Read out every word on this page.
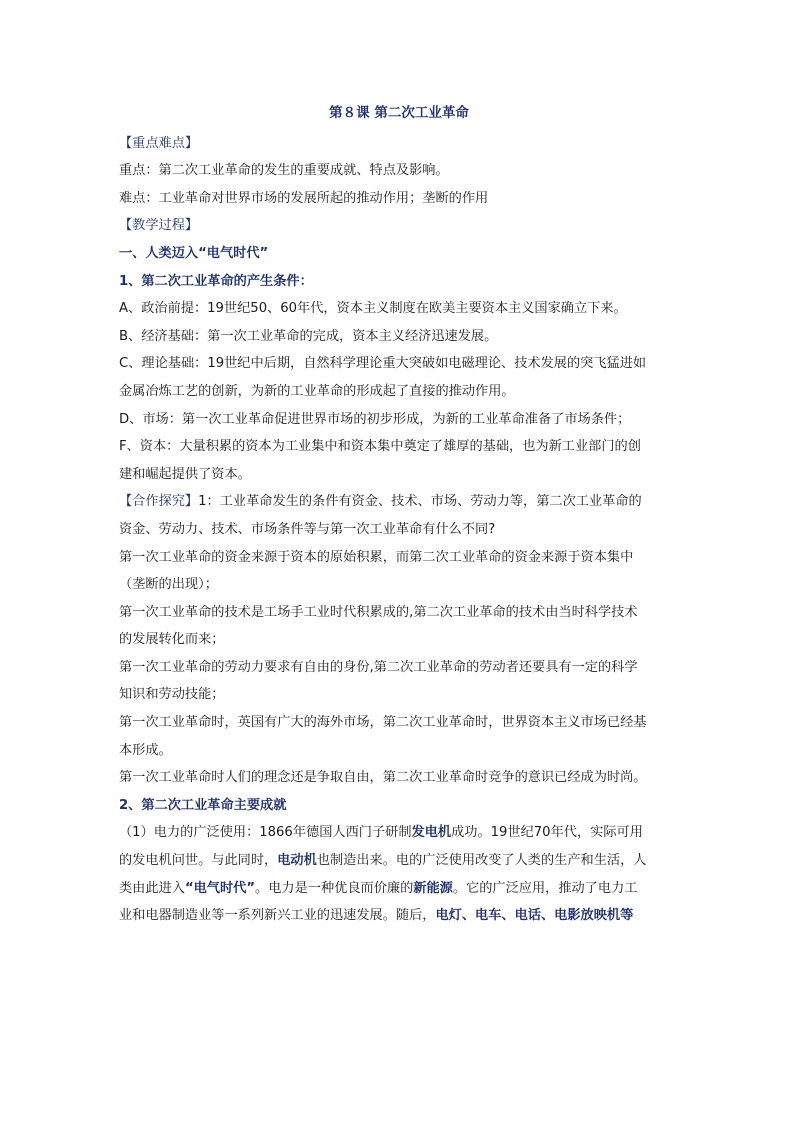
第８课 第二次工业革命

【重点难点】

重点：第二次工业革命的发生的重要成就、特点及影响。

难点：工业革命对世界市场的发展所起的推动作用；垄断的作用

【教学过程】

一、人类迈入“电气时代”

1、第二次工业革命的产生条件：

A、政治前提：19世纪50、60年代，资本主义制度在欧美主要资本主义国家确立下来。

B、经济基础：第一次工业革命的完成，资本主义经济迅速发展。

C、理论基础：19世纪中后期，自然科学理论重大突破如电磁理论、技术发展的突飞猛进如

金属冶炼工艺的创新，为新的工业革命的形成起了直接的推动作用。

D、市场：第一次工业革命促进世界市场的初步形成，为新的工业革命准备了市场条件；

F、资本：大量积累的资本为工业集中和资本集中奠定了雄厚的基础，也为新工业部门的创

建和崛起提供了资本。

【合作探究】1：工业革命发生的条件有资金、技术、市场、劳动力等，第二次工业革命的

资金、劳动力、技术、市场条件等与第一次工业革命有什么不同?

第一次工业革命的资金来源于资本的原始积累，而第二次工业革命的资金来源于资本集中

（垄断的出现）；

第一次工业革命的技术是工场手工业时代积累成的,第二次工业革命的技术由当时科学技术

的发展转化而来；

第一次工业革命的劳动力要求有自由的身份,第二次工业革命的劳动者还要具有一定的科学

知识和劳动技能；

第一次工业革命时，英国有广大的海外市场，第二次工业革命时，世界资本主义市场已经基

本形成。

第一次工业革命时人们的理念还是争取自由，第二次工业革命时竞争的意识已经成为时尚。

2、第二次工业革命主要成就

（1）电力的广泛使用：1866年德国人西门子研制发电机成功。19世纪70年代，实际可用

的发电机问世。与此同时，电动机也制造出来。电的广泛使用改变了人类的生产和生活，人

类由此进入“电气时代”。电力是一种优良而价廉的新能源。它的广泛应用，推动了电力工

业和电器制造业等一系列新兴工业的迅速发展。随后，电灯、电车、电话、电影放映机等
